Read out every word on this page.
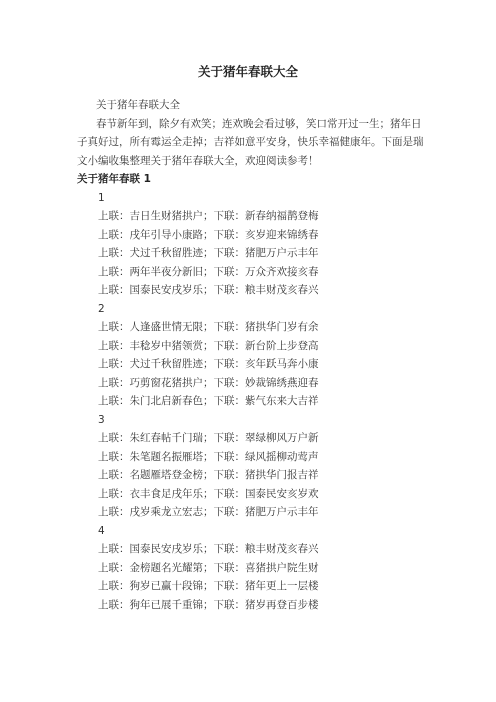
关于猪年春联大全
关于猪年春联大全
春节新年到，除夕有欢笑；连欢晚会看过够，笑口常开过一生；猪年日子真好过，所有霉运全走掉；吉祥如意平安身，快乐幸福健康年。下面是瑞文小编收集整理关于猪年春联大全，欢迎阅读参考！
关于猪年春联 1
1
上联：吉日生财猪拱户；下联：新春纳福鹊登梅
上联：戌年引导小康路；下联：亥岁迎来锦绣春
上联：犬过千秋留胜迹；下联：猪肥万户示丰年
上联：两年半夜分新旧；下联：万众齐欢接亥春
上联：国泰民安戌岁乐；下联：粮丰财茂亥春兴
2
上联：人逢盛世情无限；下联：猪拱华门岁有余
上联：丰稔岁中猪领赏；下联：新台阶上步登高
上联：犬过千秋留胜迹；下联：亥年跃马奔小康
上联：巧剪窗花猪拱户；下联：妙裁锦绣燕迎春
上联：朱门北启新春色；下联：紫气东来大吉祥
3
上联：朱红春帖千门瑞；下联：翠绿柳风万户新
上联：朱笔题名振雁塔；下联：绿风摇柳动莺声
上联：名题雁塔登金榜；下联：猪拱华门报吉祥
上联：衣丰食足戌年乐；下联：国泰民安亥岁欢
上联：戌岁乘龙立宏志；下联：猪肥万户示丰年
4
上联：国泰民安戌岁乐；下联：粮丰财茂亥春兴
上联：金榜题名光耀第；下联：喜猪拱户院生财
上联：狗岁已赢十段锦；下联：猪年更上一层楼
上联：狗年已展千重锦；下联：猪岁再登百步楼
